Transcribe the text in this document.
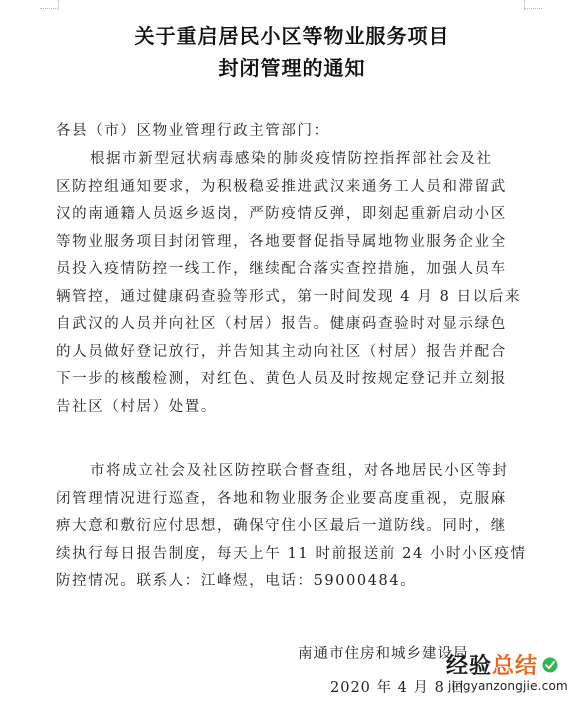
关于重启居民小区等物业服务项目
封闭管理的通知
各县（市）区物业管理行政主管部门：
根据市新型冠状病毒感染的肺炎疫情防控指挥部社会及社
区防控组通知要求，为积极稳妥推进武汉来通务工人员和滞留武
汉的南通籍人员返乡返岗，严防疫情反弹，即刻起重新启动小区
等物业服务项目封闭管理，各地要督促指导属地物业服务企业全
员投入疫情防控一线工作，继续配合落实查控措施，加强人员车
辆管控，通过健康码查验等形式，第一时间发现 4 月 8 日以后来
自武汉的人员并向社区（村居）报告。健康码查验时对显示绿色
的人员做好登记放行，并告知其主动向社区（村居）报告并配合
下一步的核酸检测，对红色、黄色人员及时按规定登记并立刻报
告社区（村居）处置。
市将成立社会及社区防控联合督查组，对各地居民小区等封
闭管理情况进行巡查，各地和物业服务企业要高度重视，克服麻
痹大意和敷衍应付思想，确保守住小区最后一道防线。同时，继
续执行每日报告制度，每天上午 11 时前报送前 24 小时小区疫情
防控情况。联系人：江峰煜，电话：59000484。
南通市住房和城乡建设局
2020 年 4 月 8 日
经验总结
jingyanzongjie.com
